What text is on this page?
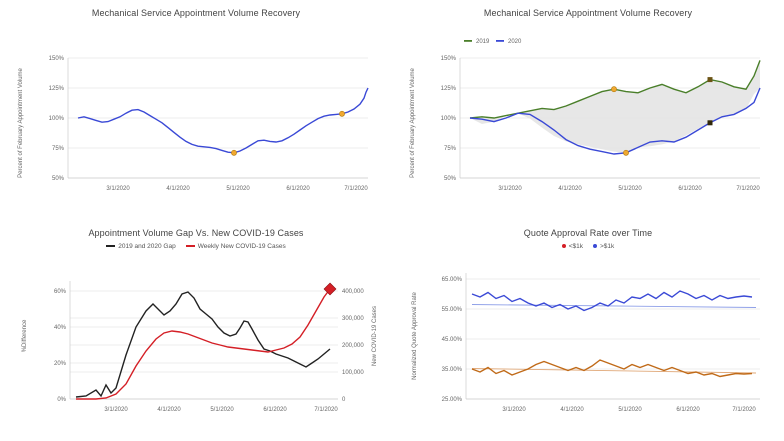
Mechanical Service Appointment Volume Recovery
Percent of February Appointment Volume
50%
75%
100%
125%
150%
3/1/2020	4/1/2020	5/1/2020	6/1/2020	7/1/2020
Mechanical Service Appointment Volume Recovery
Percent of February Appointment Volume
2019	2020
50%
75%
100%
125%
150%
3/1/2020	4/1/2020	5/1/2020	6/1/2020	7/1/2020
Appointment Volume Gap Vs. New COVID-19 Cases
2019 and 2020 Gap	Weekly New COVID-19 Cases
%Difference	New COVID-19 Cases
0%
20%
40%
60%
0
100,000
200,000
300,000
400,000
3/1/2020	4/1/2020	5/1/2020	6/1/2020	7/1/2020
Quote Approval Rate over Time
<$1k	>$1k
Normalized Quote Approval Rate
25.00%
35.00%
45.00%
55.00%
65.00%
3/1/2020	4/1/2020	5/1/2020	6/1/2020	7/1/2020
